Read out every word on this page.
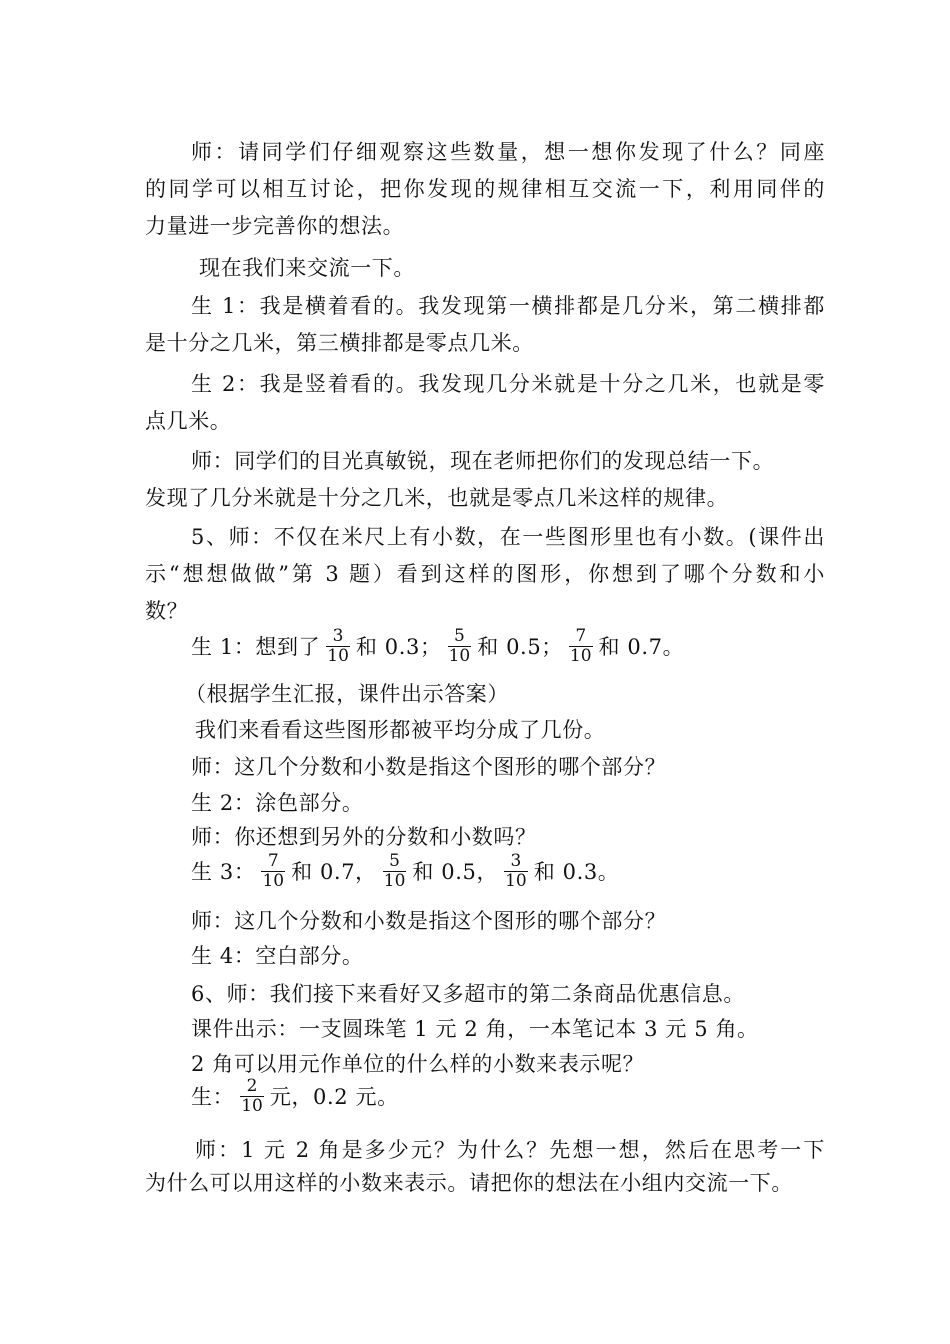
师：请同学们仔细观察这些数量，想一想你发现了什么？同座
的同学可以相互讨论，把你发现的规律相互交流一下，利用同伴的
力量进一步完善你的想法。
现在我们来交流一下。
生 1：我是横着看的。我发现第一横排都是几分米，第二横排都
是十分之几米，第三横排都是零点几米。
生 2：我是竖着看的。我发现几分米就是十分之几米，也就是零
点几米。
师：同学们的目光真敏锐，现在老师把你们的发现总结一下。
发现了几分米就是十分之几米，也就是零点几米这样的规律。
5、师：不仅在米尺上有小数，在一些图形里也有小数。(课件出
示“想想做做”第 3 题）看到这样的图形，你想到了哪个分数和小
数？
生 1：想到了 $\frac{3}{10}$ 和 0.3； $\frac{5}{10}$ 和 0.5； $\frac{7}{10}$ 和 0.7。
（根据学生汇报，课件出示答案）
我们来看看这些图形都被平均分成了几份。
师：这几个分数和小数是指这个图形的哪个部分？
生 2：涂色部分。
师：你还想到另外的分数和小数吗？
生 3： $\frac{7}{10}$ 和 0.7， $\frac{5}{10}$ 和 0.5， $\frac{3}{10}$ 和 0.3。
师：这几个分数和小数是指这个图形的哪个部分？
生 4：空白部分。
6、师：我们接下来看好又多超市的第二条商品优惠信息。
课件出示：一支圆珠笔 1 元 2 角，一本笔记本 3 元 5 角。
2 角可以用元作单位的什么样的小数来表示呢？
生： $\frac{2}{10}$ 元，0.2 元。
师：1 元 2 角是多少元？为什么？先想一想，然后在思考一下
为什么可以用这样的小数来表示。请把你的想法在小组内交流一下。
